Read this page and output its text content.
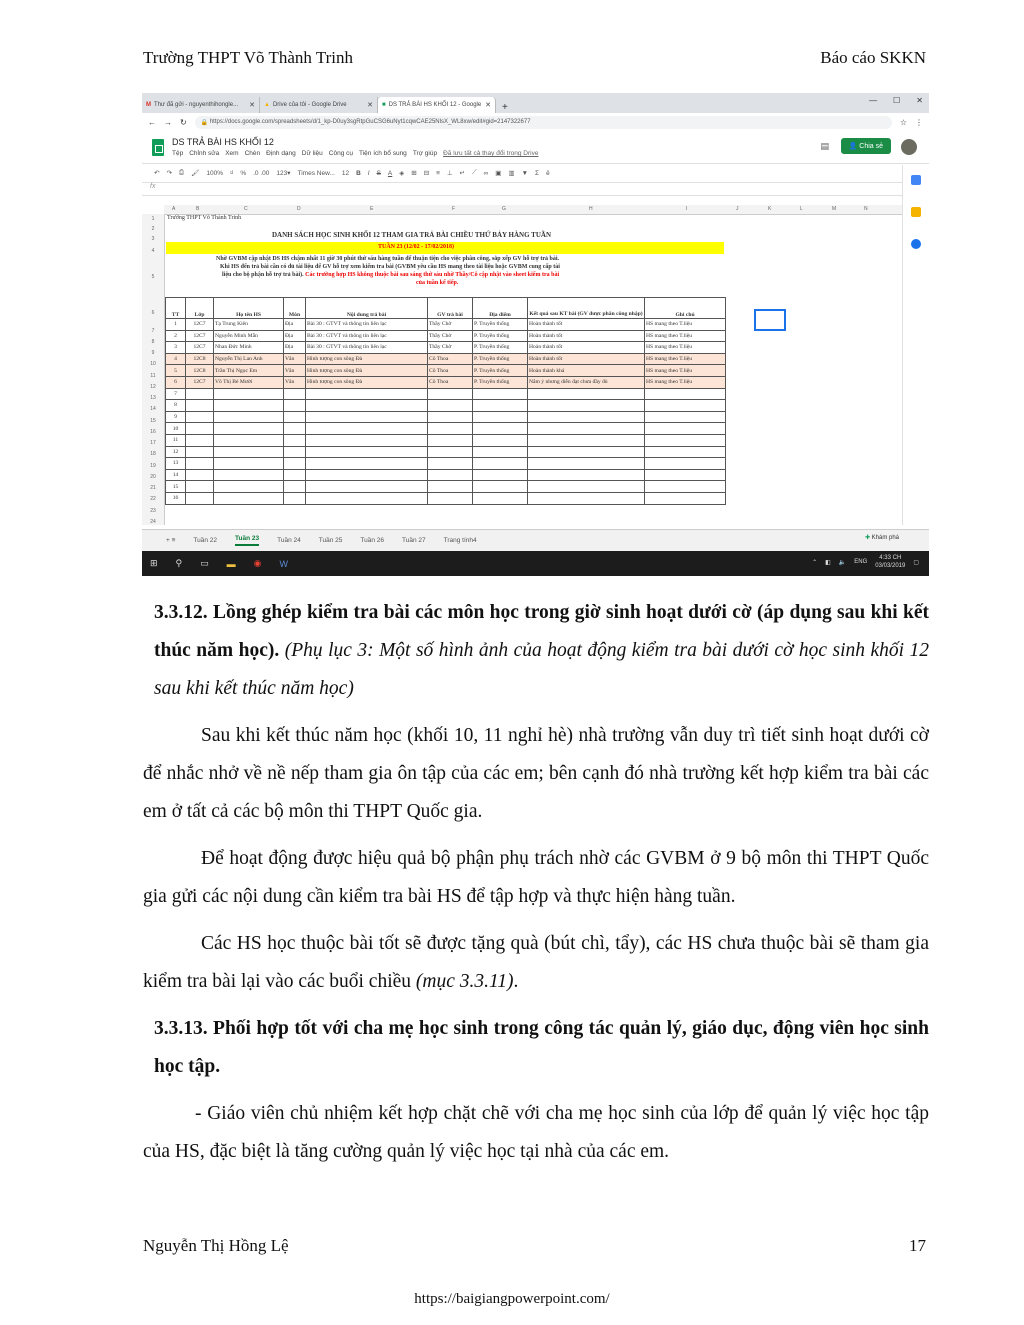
Trường THPT Võ Thành Trinh	Báo cáo SKKN
M Thư đã gửi - nguyenthihongle... ✕ ▲ Drive của tôi - Google Drive	✕ ■ DS TRẢ BÀI HS KHỐI 12 - Google ✕	+
— ☐ ✕
← → ↻ 🔒 https://docs.google.com/spreadsheets/d/1_kp-D0uy3sgRtpGuCSG6uNyt1cqwCAE25NlsX_WL8xw/edit#gid=2147322677	☆ ⋮
DS TRẢ BÀI HS KHỐI 12
Tệp Chỉnh sửa Xem Chèn Định dạng Dữ liệu Công cụ Tiện ích bổ sung Trợ giúp Đã lưu tất cả thay đổi trong Drive
▤	👤 Chia sẻ
↶ ↷ ⎙ 🖌 100% ₫ % .0 .00 123▾ Times New... 12 B I S A ◈ ⊞ ⊟ ≡ ⊥ ↵ ⟋ ∞ ▣ ▥ ▼ Σ ê
fx
A	B	C	D	E	F	G	H	I	J	K	L	M	N
1
2
3
4
5
6
7
8
9
10
11
12
13
14
15
16
17
18
19
20
21
22
23
24
Trường THPT Võ Thành Trinh
DANH SÁCH HỌC SINH KHỐI 12 THAM GIA TRẢ BÀI CHIỀU THỨ BẢY HÀNG TUẦN
TUẦN 23 (12/02 - 17/02/2018)
Nhờ GVBM cập nhật DS HS chậm nhất 11 giờ 30 phút thứ sáu hàng tuần để thuận tiện cho việc phân công, sắp xếp GV hỗ trợ trả bài.
Khi HS đến trả bài cần có đủ tài liệu để GV hỗ trợ xem kiểm tra bài (GVBM yêu cầu HS mang theo tài liệu hoặc GVBM cung cấp tài
liệu cho bộ phận hỗ trợ trả bài). Các trường hợp HS không thuộc bài sau sáng thứ sáu nhờ Thầy/Cô cập nhật vào sheet kiểm tra bài
của tuần kế tiếp.
TT	Lớp	Họ tên HS	Môn	Nội dung trả bài	GV trả bài	Địa điểm	Kết quả sau KT bài (GV được phân công nhập)	Ghi chú
1	12C7	Tạ Trung Kiên	Địa	Bài 30 : GTVT và thông tin liên lạc	Thầy Chờ	P. Truyền thống	Hoàn thành tốt	HS mang theo T.liệu
2	12C7	Nguyễn Minh Mẫn	Địa	Bài 30 : GTVT và thông tin liên lạc	Thầy Chờ	P. Truyền thống	Hoàn thành tốt	HS mang theo T.liệu
3	12C7	Nhan Đức Minh	Địa	Bài 30 : GTVT và thông tin liên lạc	Thầy Chờ	P. Truyền thống	Hoàn thành tốt	HS mang theo T.liệu
4	12C8	Nguyễn Thị Lan Anh	Văn	Hình tượng con sông Đà	Cô Thoa	P. Truyền thống	Hoàn thành tốt	HS mang theo T.liệu
5	12C8	Trần Thị Ngọc Em	Văn	Hình tượng con sông Đà	Cô Thoa	P. Truyền thống	Hoàn thành khá	HS mang theo T.liệu
6	12C7	Võ Thị Bé Mười	Văn	Hình tượng con sông Đà	Cô Thoa	P. Truyền thống	Nắm ý nhưng diễn đạt chưa đầy đủ	HS mang theo T.liệu
7								
8								
9								
10								
11								
12								
13								
14								
15								
16								
+ ≡	Tuần 22	Tuần 23	Tuần 24	Tuần 25	Tuần 26	Tuần 27	Trang tính4	✚ Khám phá
⊞ ⚲ ▭ ▬ ◉ W	⌃ ◧ 🔈 ENG
4:33 CH
03/03/2019
▢
3.3.12. Lồng ghép kiểm tra bài các môn học trong giờ sinh hoạt dưới cờ (áp dụng sau khi kết thúc năm học). (Phụ lục 3: Một số hình ảnh của hoạt động kiểm tra bài dưới cờ học sinh khối 12 sau khi kết thúc năm học)
Sau khi kết thúc năm học (khối 10, 11 nghỉ hè) nhà trường vẫn duy trì tiết sinh hoạt dưới cờ để nhắc nhở về nề nếp tham gia ôn tập của các em; bên cạnh đó nhà trường kết hợp kiểm tra bài các em ở tất cả các bộ môn thi THPT Quốc gia.
Để hoạt động được hiệu quả bộ phận phụ trách nhờ các GVBM ở 9 bộ môn thi THPT Quốc gia gửi các nội dung cần kiểm tra bài HS để tập hợp và thực hiện hàng tuần.
Các HS học thuộc bài tốt sẽ được tặng quà (bút chì, tẩy), các HS chưa thuộc bài sẽ tham gia kiểm tra bài lại vào các buổi chiều (mục 3.3.11).
3.3.13. Phối hợp tốt với cha mẹ học sinh trong công tác quản lý, giáo dục, động viên học sinh học tập.
- Giáo viên chủ nhiệm kết hợp chặt chẽ với cha mẹ học sinh của lớp để quản lý việc học tập của HS, đặc biệt là tăng cường quản lý việc học tại nhà của các em.
Nguyễn Thị Hồng Lệ	17
https://baigiangpowerpoint.com/
